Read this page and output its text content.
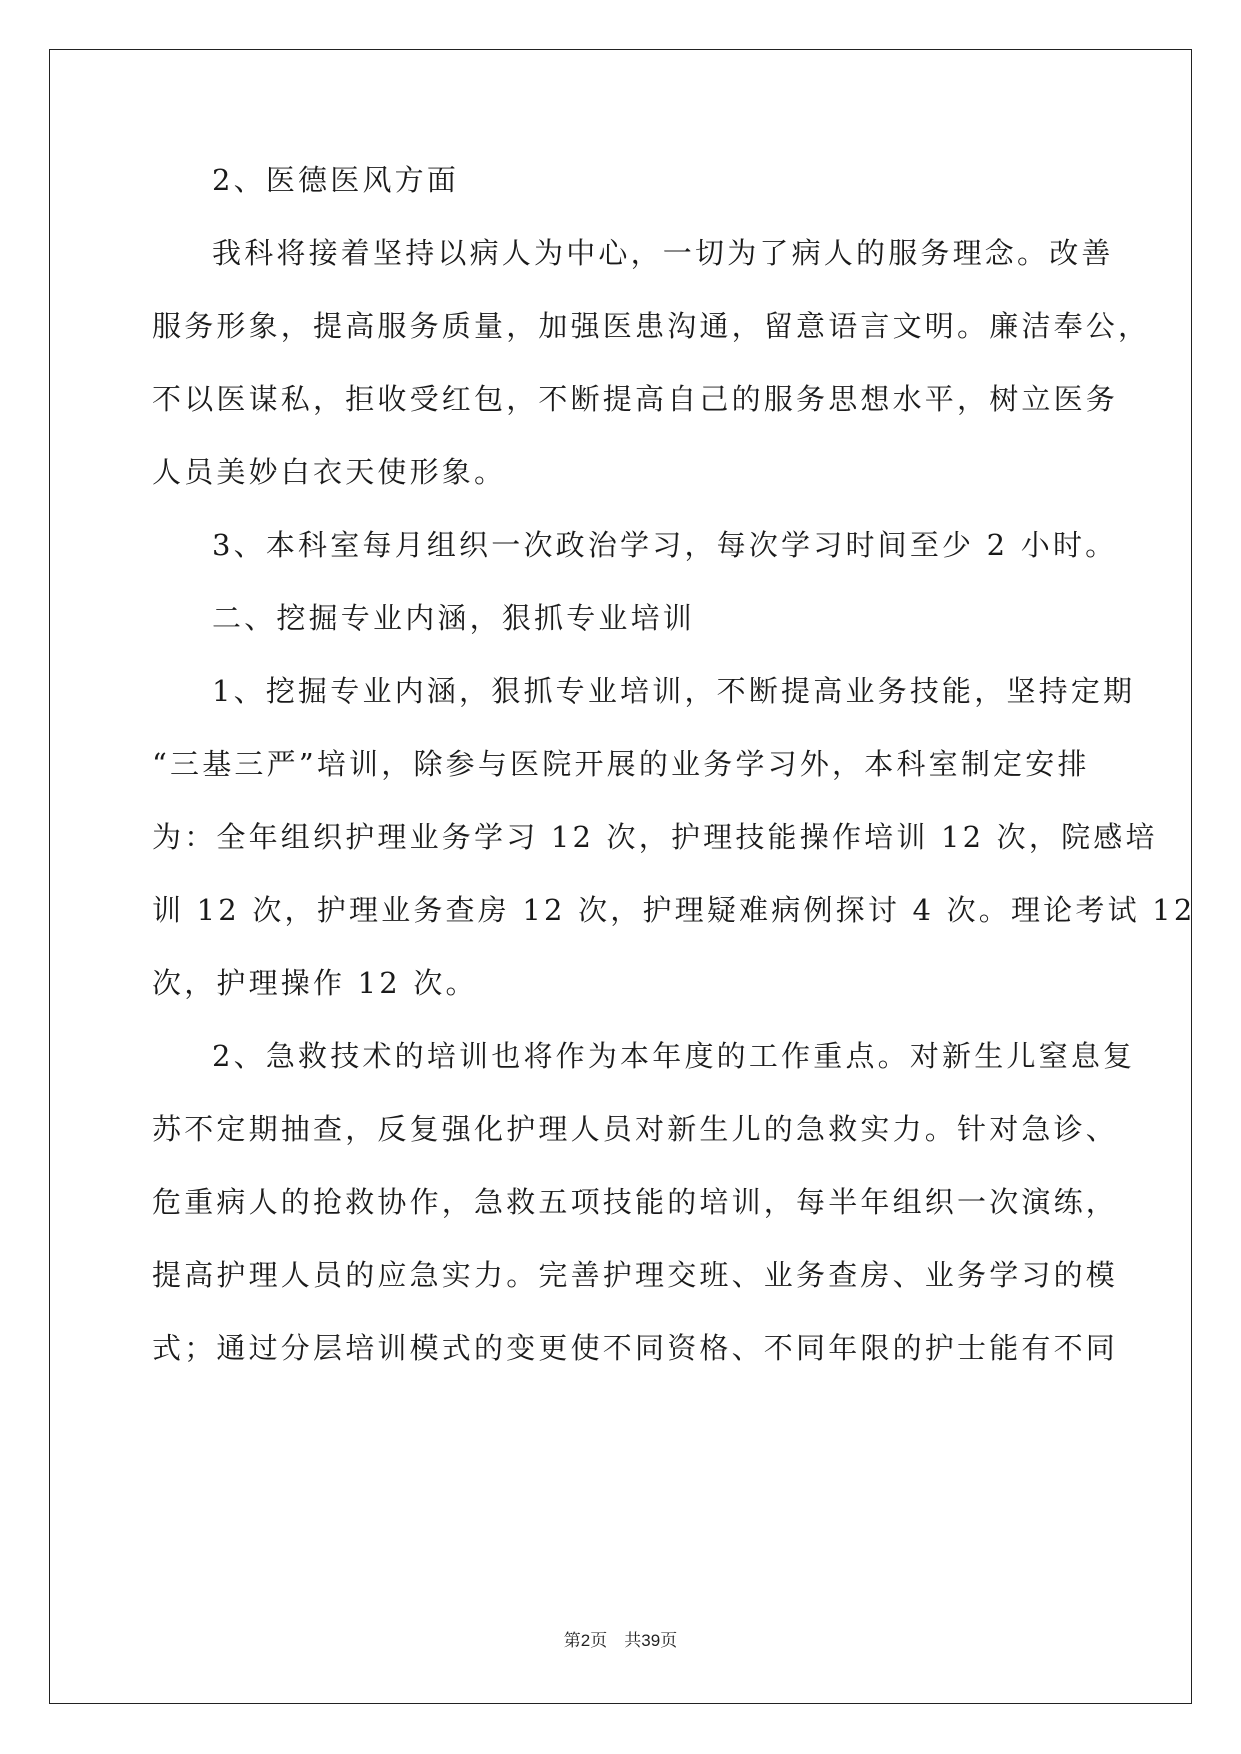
2、医德医风方面
我科将接着坚持以病人为中心，一切为了病人的服务理念。改善
服务形象，提高服务质量，加强医患沟通，留意语言文明。廉洁奉公，
不以医谋私，拒收受红包，不断提高自己的服务思想水平，树立医务
人员美妙白衣天使形象。
3、本科室每月组织一次政治学习，每次学习时间至少 2 小时。
二、挖掘专业内涵，狠抓专业培训
1、挖掘专业内涵，狠抓专业培训，不断提高业务技能，坚持定期
“三基三严”培训，除参与医院开展的业务学习外，本科室制定安排
为：全年组织护理业务学习 12 次，护理技能操作培训 12 次，院感培
训 12 次，护理业务查房 12 次，护理疑难病例探讨 4 次。理论考试 12
次，护理操作 12 次。
2、急救技术的培训也将作为本年度的工作重点。对新生儿窒息复
苏不定期抽查，反复强化护理人员对新生儿的急救实力。针对急诊、
危重病人的抢救协作，急救五项技能的培训，每半年组织一次演练，
提高护理人员的应急实力。完善护理交班、业务查房、业务学习的模
式；通过分层培训模式的变更使不同资格、不同年限的护士能有不同
第2页　共39页
